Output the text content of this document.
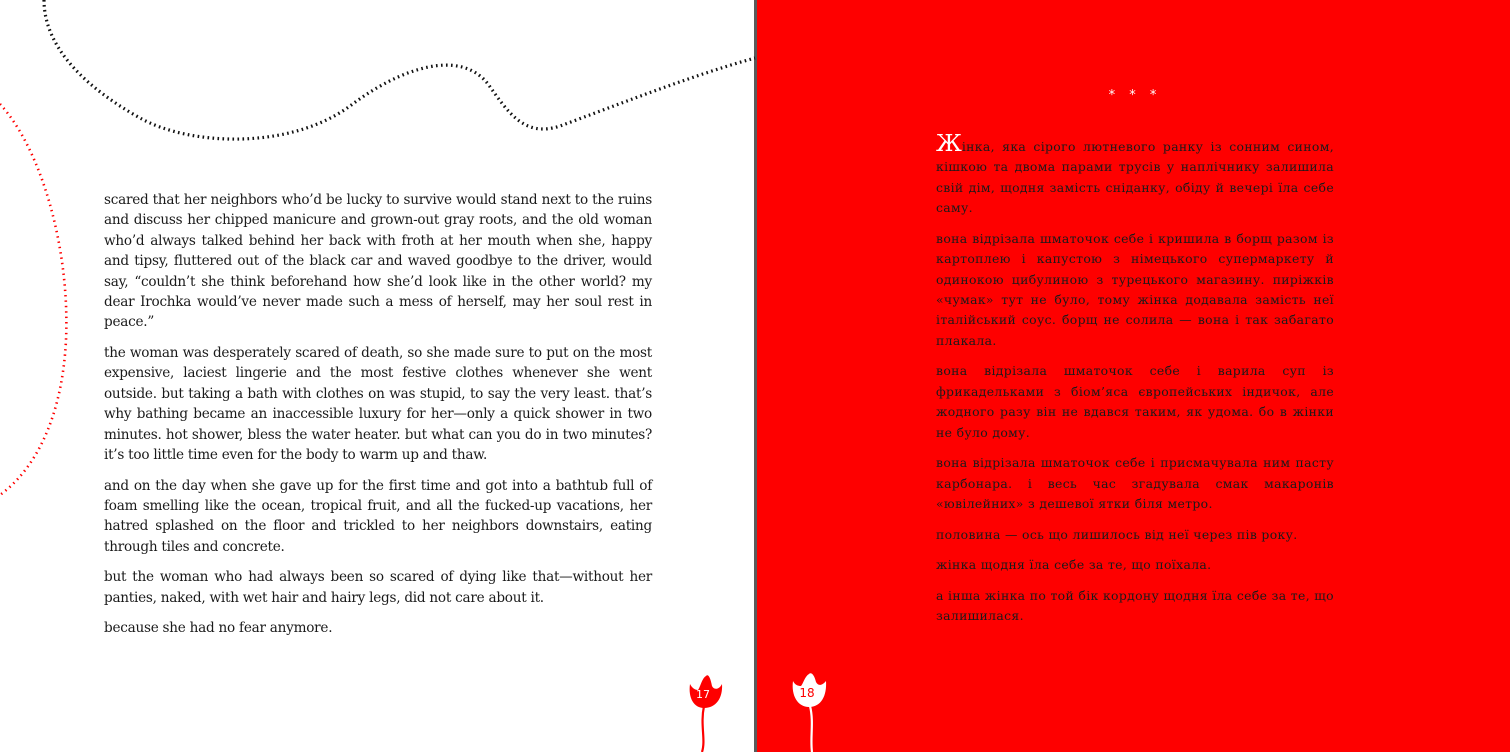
scared that her neighbors who’d be lucky to survive would stand next to the ruins and discuss her chipped manicure and grown-out gray roots, and the old woman who’d always talked behind her back with froth at her mouth when she, happy and tipsy, fluttered out of the black car and waved goodbye to the driver, would say, “couldn’t she think beforehand how she’d look like in the other world? my dear Irochka would’ve never made such a mess of herself, may her soul rest in peace.”

the woman was desperately scared of death, so she made sure to put on the most expensive, laciest lingerie and the most festive clothes whenever she went outside. but taking a bath with clothes on was stupid, to say the very least. that’s why bathing became an inaccessible luxury for her—only a quick shower in two minutes. hot shower, bless the water heater. but what can you do in two minutes? it’s too little time even for the body to warm up and thaw.

and on the day when she gave up for the first time and got into a bathtub full of foam smelling like the ocean, tropical fruit, and all the fucked-up vacations, her hatred splashed on the floor and trickled to her neighbors downstairs, eating through tiles and concrete.

but the woman who had always been so scared of dying like that—without her panties, naked, with wet hair and hairy legs, did not care about it.

because she had no fear anymore.

17
* * *

Жінка, яка сірого лютневого ранку із сонним сином, кішкою та двома парами трусів у наплічнику залишила свій дім, щодня замість сніданку, обіду й вечері їла себе саму.

вона відрізала шматочок себе і кришила в борщ разом із картоплею і капустою з німецького супермаркету й одинокою цибулиною з турецького магазину. пиріжків «чумак» тут не було, тому жінка додавала замість неї італійський соус. борщ не солила — вона і так забагато плакала.

вона відрізала шматочок себе і варила суп із фрикадельками з біом’яса європейських індичок, але жодного разу він не вдався таким, як удома. бо в жінки не було дому.

вона відрізала шматочок себе і присмачувала ним пасту карбонара. і весь час згадувала смак макаронів «ювілейних» з дешевої ятки біля метро.

половина — ось що лишилось від неї через пів року.

жінка щодня їла себе за те, що поїхала.

а інша жінка по той бік кордону щодня їла себе за те, що залишилася.

18
